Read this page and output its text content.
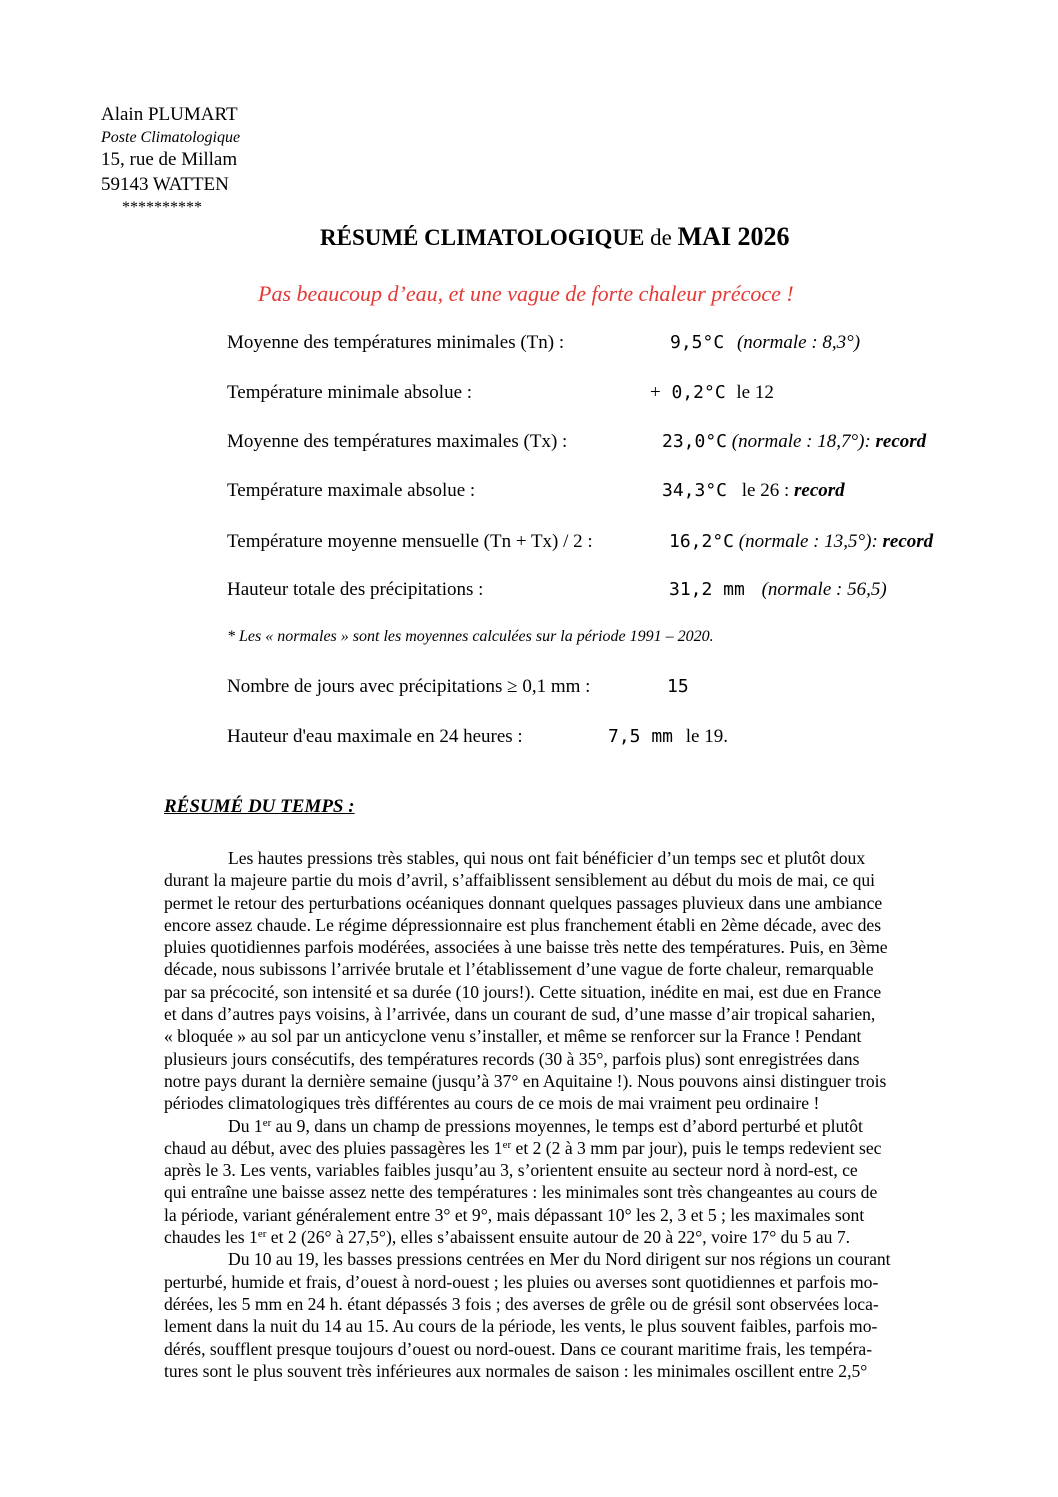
Alain PLUMART
Poste Climatologique
15, rue de Millam
59143 WATTEN
**********
RÉSUMÉ CLIMATOLOGIQUE de MAI 2026
Pas beaucoup d’eau, et une vague de forte chaleur précoce !
Moyenne des températures minimales (Tn) :	9,5°C (normale : 8,3°)
Température minimale absolue :	+ 0,2°C le 12
Moyenne des températures maximales (Tx) :	23,0°C (normale : 18,7°): record
Température maximale absolue :	34,3°C le 26 : record
Température moyenne mensuelle (Tn + Tx) / 2 :	16,2°C (normale : 13,5°): record
Hauteur totale des précipitations :	31,2 mm (normale : 56,5)
* Les « normales » sont les moyennes calculées sur la période 1991 – 2020.
Nombre de jours avec précipitations ≥ 0,1 mm :	15
Hauteur d'eau maximale en 24 heures :	7,5 mm le 19.
RÉSUMÉ DU TEMPS :
Les hautes pressions très stables, qui nous ont fait bénéficier d’un temps sec et plutôt doux
durant la majeure partie du mois d’avril, s’affaiblissent sensiblement au début du mois de mai, ce qui
permet le retour des perturbations océaniques donnant quelques passages pluvieux dans une ambiance
encore assez chaude. Le régime dépressionnaire est plus franchement établi en 2ème décade, avec des
pluies quotidiennes parfois modérées, associées à une baisse très nette des températures. Puis, en 3ème
décade, nous subissons l’arrivée brutale et l’établissement d’une vague de forte chaleur, remarquable
par sa précocité, son intensité et sa durée (10 jours!). Cette situation, inédite en mai, est due en France
et dans d’autres pays voisins, à l’arrivée, dans un courant de sud, d’une masse d’air tropical saharien,
« bloquée » au sol par un anticyclone venu s’installer, et même se renforcer sur la France ! Pendant
plusieurs jours consécutifs, des températures records (30 à 35°, parfois plus) sont enregistrées dans
notre pays durant la dernière semaine (jusqu’à 37° en Aquitaine !). Nous pouvons ainsi distinguer trois
périodes climatologiques très différentes au cours de ce mois de mai vraiment peu ordinaire !
Du 1er au 9, dans un champ de pressions moyennes, le temps est d’abord perturbé et plutôt
chaud au début, avec des pluies passagères les 1er et 2 (2 à 3 mm par jour), puis le temps redevient sec
après le 3. Les vents, variables faibles jusqu’au 3, s’orientent ensuite au secteur nord à nord-est, ce
qui entraîne une baisse assez nette des températures : les minimales sont très changeantes au cours de
la période, variant généralement entre 3° et 9°, mais dépassant 10° les 2, 3 et 5 ; les maximales sont
chaudes les 1er et 2 (26° à 27,5°), elles s’abaissent ensuite autour de 20 à 22°, voire 17° du 5 au 7.
Du 10 au 19, les basses pressions centrées en Mer du Nord dirigent sur nos régions un courant
perturbé, humide et frais, d’ouest à nord-ouest ; les pluies ou averses sont quotidiennes et parfois mo-
dérées, les 5 mm en 24 h. étant dépassés 3 fois ; des averses de grêle ou de grésil sont observées loca-
lement dans la nuit du 14 au 15. Au cours de la période, les vents, le plus souvent faibles, parfois mo-
dérés, soufflent presque toujours d’ouest ou nord-ouest. Dans ce courant maritime frais, les tempéra-
tures sont le plus souvent très inférieures aux normales de saison : les minimales oscillent entre 2,5°
